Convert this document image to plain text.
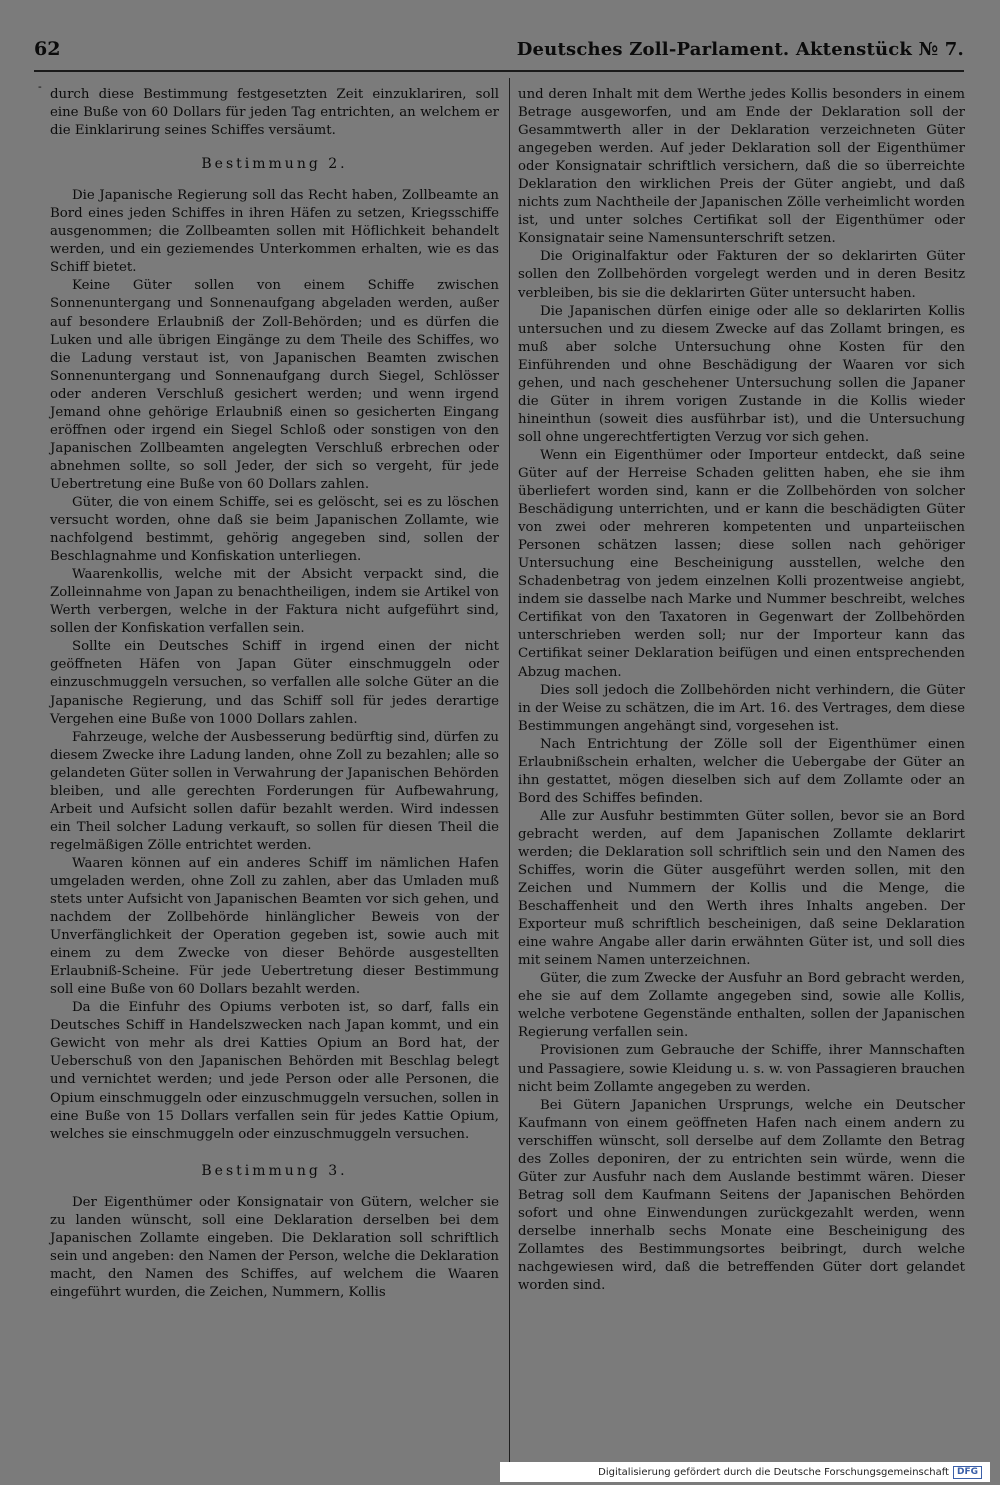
62	Deutsches Zoll-Parlament. Aktenstück № 7.
-

durch diese Bestimmung festgesetzten Zeit einzuklariren, soll eine Buße von 60 Dollars für jeden Tag entrichten, an welchem er die Einklarirung seines Schiffes versäumt.

Bestimmung 2.

Die Japanische Regierung soll das Recht haben, Zollbeamte an Bord eines jeden Schiffes in ihren Häfen zu setzen, Kriegsschiffe ausgenommen; die Zollbeamten sollen mit Höflichkeit behandelt werden, und ein geziemendes Unterkommen erhalten, wie es das Schiff bietet.

Keine Güter sollen von einem Schiffe zwischen Sonnenuntergang und Sonnenaufgang abgeladen werden, außer auf besondere Erlaubniß der Zoll-Behörden; und es dürfen die Luken und alle übrigen Eingänge zu dem Theile des Schiffes, wo die Ladung verstaut ist, von Japanischen Beamten zwischen Sonnenuntergang und Sonnenaufgang durch Siegel, Schlösser oder anderen Verschluß gesichert werden; und wenn irgend Jemand ohne gehörige Erlaubniß einen so gesicherten Eingang eröffnen oder irgend ein Siegel Schloß oder sonstigen von den Japanischen Zollbeamten angelegten Verschluß erbrechen oder abnehmen sollte, so soll Jeder, der sich so vergeht, für jede Uebertretung eine Buße von 60 Dollars zahlen.

Güter, die von einem Schiffe, sei es gelöscht, sei es zu löschen versucht worden, ohne daß sie beim Japanischen Zollamte, wie nachfolgend bestimmt, gehörig angegeben sind, sollen der Beschlagnahme und Konfiskation unterliegen.

Waarenkollis, welche mit der Absicht verpackt sind, die Zolleinnahme von Japan zu benachtheiligen, indem sie Artikel von Werth verbergen, welche in der Faktura nicht aufgeführt sind, sollen der Konfiskation verfallen sein.

Sollte ein Deutsches Schiff in irgend einen der nicht geöffneten Häfen von Japan Güter einschmuggeln oder einzuschmuggeln versuchen, so verfallen alle solche Güter an die Japanische Regierung, und das Schiff soll für jedes derartige Vergehen eine Buße von 1000 Dollars zahlen.

Fahrzeuge, welche der Ausbesserung bedürftig sind, dürfen zu diesem Zwecke ihre Ladung landen, ohne Zoll zu bezahlen; alle so gelandeten Güter sollen in Verwahrung der Japanischen Behörden bleiben, und alle gerechten Forderungen für Aufbewahrung, Arbeit und Aufsicht sollen dafür bezahlt werden. Wird indessen ein Theil solcher Ladung verkauft, so sollen für diesen Theil die regelmäßigen Zölle entrichtet werden.

Waaren können auf ein anderes Schiff im nämlichen Hafen umgeladen werden, ohne Zoll zu zahlen, aber das Umladen muß stets unter Aufsicht von Japanischen Beamten vor sich gehen, und nachdem der Zollbehörde hinlänglicher Beweis von der Unverfänglichkeit der Operation gegeben ist, sowie auch mit einem zu dem Zwecke von dieser Behörde ausgestellten Erlaubniß-Scheine. Für jede Uebertretung dieser Bestimmung soll eine Buße von 60 Dollars bezahlt werden.

Da die Einfuhr des Opiums verboten ist, so darf, falls ein Deutsches Schiff in Handelszwecken nach Japan kommt, und ein Gewicht von mehr als drei Katties Opium an Bord hat, der Ueberschuß von den Japanischen Behörden mit Beschlag belegt und vernichtet werden; und jede Person oder alle Personen, die Opium einschmuggeln oder einzuschmuggeln versuchen, sollen in eine Buße von 15 Dollars verfallen sein für jedes Kattie Opium, welches sie einschmuggeln oder einzuschmuggeln versuchen.

Bestimmung 3.

Der Eigenthümer oder Konsignatair von Gütern, welcher sie zu landen wünscht, soll eine Deklaration derselben bei dem Japanischen Zollamte eingeben. Die Deklaration soll schriftlich sein und angeben: den Namen der Person, welche die Deklaration macht, den Namen des Schiffes, auf welchem die Waaren eingeführt wurden, die Zeichen, Nummern, Kollis

und deren Inhalt mit dem Werthe jedes Kollis besonders in einem Betrage ausgeworfen, und am Ende der Deklaration soll der Gesammtwerth aller in der Deklaration verzeichneten Güter angegeben werden. Auf jeder Deklaration soll der Eigenthümer oder Konsignatair schriftlich versichern, daß die so überreichte Deklaration den wirklichen Preis der Güter angiebt, und daß nichts zum Nachtheile der Japanischen Zölle verheimlicht worden ist, und unter solches Certifikat soll der Eigenthümer oder Konsignatair seine Namensunterschrift setzen.

Die Originalfaktur oder Fakturen der so deklarirten Güter sollen den Zollbehörden vorgelegt werden und in deren Besitz verbleiben, bis sie die deklarirten Güter untersucht haben.

Die Japanischen dürfen einige oder alle so deklarirten Kollis untersuchen und zu diesem Zwecke auf das Zollamt bringen, es muß aber solche Untersuchung ohne Kosten für den Einführenden und ohne Beschädigung der Waaren vor sich gehen, und nach geschehener Untersuchung sollen die Japaner die Güter in ihrem vorigen Zustande in die Kollis wieder hineinthun (soweit dies ausführbar ist), und die Untersuchung soll ohne ungerechtfertigten Verzug vor sich gehen.

Wenn ein Eigenthümer oder Importeur entdeckt, daß seine Güter auf der Herreise Schaden gelitten haben, ehe sie ihm überliefert worden sind, kann er die Zollbehörden von solcher Beschädigung unterrichten, und er kann die beschädigten Güter von zwei oder mehreren kompetenten und unparteiischen Personen schätzen lassen; diese sollen nach gehöriger Untersuchung eine Bescheinigung ausstellen, welche den Schadenbetrag von jedem einzelnen Kolli prozentweise angiebt, indem sie dasselbe nach Marke und Nummer beschreibt, welches Certifikat von den Taxatoren in Gegenwart der Zollbehörden unterschrieben werden soll; nur der Importeur kann das Certifikat seiner Deklaration beifügen und einen entsprechenden Abzug machen.

Dies soll jedoch die Zollbehörden nicht verhindern, die Güter in der Weise zu schätzen, die im Art. 16. des Vertrages, dem diese Bestimmungen angehängt sind, vorgesehen ist.

Nach Entrichtung der Zölle soll der Eigenthümer einen Erlaubnißschein erhalten, welcher die Uebergabe der Güter an ihn gestattet, mögen dieselben sich auf dem Zollamte oder an Bord des Schiffes befinden.

Alle zur Ausfuhr bestimmten Güter sollen, bevor sie an Bord gebracht werden, auf dem Japanischen Zollamte deklarirt werden; die Deklaration soll schriftlich sein und den Namen des Schiffes, worin die Güter ausgeführt werden sollen, mit den Zeichen und Nummern der Kollis und die Menge, die Beschaffenheit und den Werth ihres Inhalts angeben. Der Exporteur muß schriftlich bescheinigen, daß seine Deklaration eine wahre Angabe aller darin erwähnten Güter ist, und soll dies mit seinem Namen unterzeichnen.

Güter, die zum Zwecke der Ausfuhr an Bord gebracht werden, ehe sie auf dem Zollamte angegeben sind, sowie alle Kollis, welche verbotene Gegenstände enthalten, sollen der Japanischen Regierung verfallen sein.

Provisionen zum Gebrauche der Schiffe, ihrer Mannschaften und Passagiere, sowie Kleidung u. s. w. von Passagieren brauchen nicht beim Zollamte angegeben zu werden.

Bei Gütern Japanichen Ursprungs, welche ein Deutscher Kaufmann von einem geöffneten Hafen nach einem andern zu verschiffen wünscht, soll derselbe auf dem Zollamte den Betrag des Zolles deponiren, der zu entrichten sein würde, wenn die Güter zur Ausfuhr nach dem Auslande bestimmt wären. Dieser Betrag soll dem Kaufmann Seitens der Japanischen Behörden sofort und ohne Einwendungen zurückgezahlt werden, wenn derselbe innerhalb sechs Monate eine Bescheinigung des Zollamtes des Bestimmungsortes beibringt, durch welche nachgewiesen wird, daß die betreffenden Güter dort gelandet worden sind.

Digitalisierung gefördert durch die Deutsche Forschungsgemeinschaft DFG
